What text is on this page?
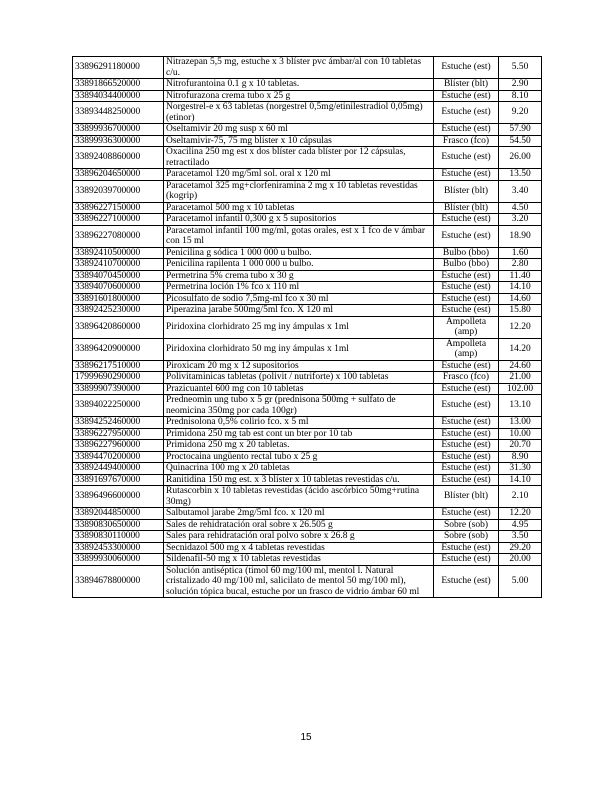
33896291180000	Nitrazepan 5,5 mg, estuche x 3 blíster pvc ámbar/al con 10 tabletas c/u.	Estuche (est)	5.50
33891866520000	Nitrofurantoina 0.1 g x 10 tabletas.	Blíster (blt)	2.90
33894034400000	Nitrofurazona crema tubo x 25 g	Estuche (est)	8.10
33893448250000	Norgestrel-e x 63 tabletas (norgestrel 0,5mg/etinilestradiol 0,05mg) (etinor)	Estuche (est)	9.20
33899936700000	Oseltamivir 20 mg susp x 60 ml	Estuche (est)	57.90
33899936300000	Oseltamivir-75, 75 mg blíster x 10 cápsulas	Frasco (fco)	54.50
33892408860000	Oxacilina 250 mg est x dos blíster cada blíster por 12 cápsulas, retractilado	Estuche (est)	26.00
33896204650000	Paracetamol 120 mg/5ml sol. oral x 120 ml	Estuche (est)	13.50
33892039700000	Paracetamol 325 mg+clorfeniramina 2 mg x 10 tabletas revestidas (kogrip)	Blíster (blt)	3.40
33896227150000	Paracetamol 500 mg x 10 tabletas	Blíster (blt)	4.50
33896227100000	Paracetamol infantil 0,300 g x 5 supositorios	Estuche (est)	3.20
33896227080000	Paracetamol infantil 100 mg/ml, gotas orales, est x 1 fco de v ámbar con 15 ml	Estuche (est)	18.90
33892410500000	Penicilina g sódica 1 000 000 u bulbo.	Bulbo (bbo)	1.60
33892410700000	Penicilina rapilenta 1 000 000 u bulbo.	Bulbo (bbo)	2.80
33894070450000	Permetrina 5% crema tubo x 30 g	Estuche (est)	11.40
33894070600000	Permetrina loción 1% fco x 110 ml	Estuche (est)	14.10
33891601800000	Picosulfato de sodio 7,5mg-ml fco x 30 ml	Estuche (est)	14.60
33892425230000	Piperazina jarabe 500mg/5ml fco. X 120 ml	Estuche (est)	15.80
33896420860000	Piridoxina clorhidrato 25 mg iny ámpulas x 1ml	Ampolleta (amp)	12.20
33896420900000	Piridoxina clorhidrato 50 mg iny ámpulas x 1ml	Ampolleta (amp)	14.20
33896217510000	Piroxicam 20 mg x 12 supositorios	Estuche (est)	24.60
17999690290000	Polivitaminicas tabletas (polivit / nutriforte) x 100 tabletas	Frasco (fco)	21.00
33899907390000	Prazicuantel 600 mg con 10 tabletas	Estuche (est)	102.00
33894022250000	Predneomin ung tubo x 5 gr (prednisona 500mg + sulfato de neomicina 350mg por cada 100gr)	Estuche (est)	13.10
33894252460000	Prednisolona 0,5% colirio fco. x 5 ml	Estuche (est)	13.00
33896227950000	Primidona 250 mg tab est cont un bter por 10 tab	Estuche (est)	10.00
33896227960000	Primidona 250 mg x 20 tabletas.	Estuche (est)	20.70
33894470200000	Proctocaina ungüento rectal tubo x 25 g	Estuche (est)	8.90
33892449400000	Quinacrina 100 mg x 20 tabletas	Estuche (est)	31.30
33891697670000	Ranitidina 150 mg est. x 3 blíster x 10 tabletas revestidas c/u.	Estuche (est)	14.10
33896496600000	Rutascorbin x 10 tabletas revestidas (ácido ascórbico 50mg+rutina 30mg)	Blíster (blt)	2.10
33892044850000	Salbutamol jarabe 2mg/5ml fco. x 120 ml	Estuche (est)	12.20
33890830650000	Sales de rehidratación oral sobre x 26.505 g	Sobre (sob)	4.95
33890830110000	Sales para rehidratación oral polvo sobre x 26.8 g	Sobre (sob)	3.50
33892453300000	Secnidazol 500 mg x 4 tabletas revestidas	Estuche (est)	29.20
33899930060000	Sildenafil-50 mg x 10 tabletas revestidas	Estuche (est)	20.00
33894678800000	Solución antiséptica (timol 60 mg/100 ml, mentol l. Natural cristalizado 40 mg/100 ml, salicilato de mentol 50 mg/100 ml), solución tópica bucal, estuche por un frasco de vidrio ámbar 60 ml	Estuche (est)	5.00
15
